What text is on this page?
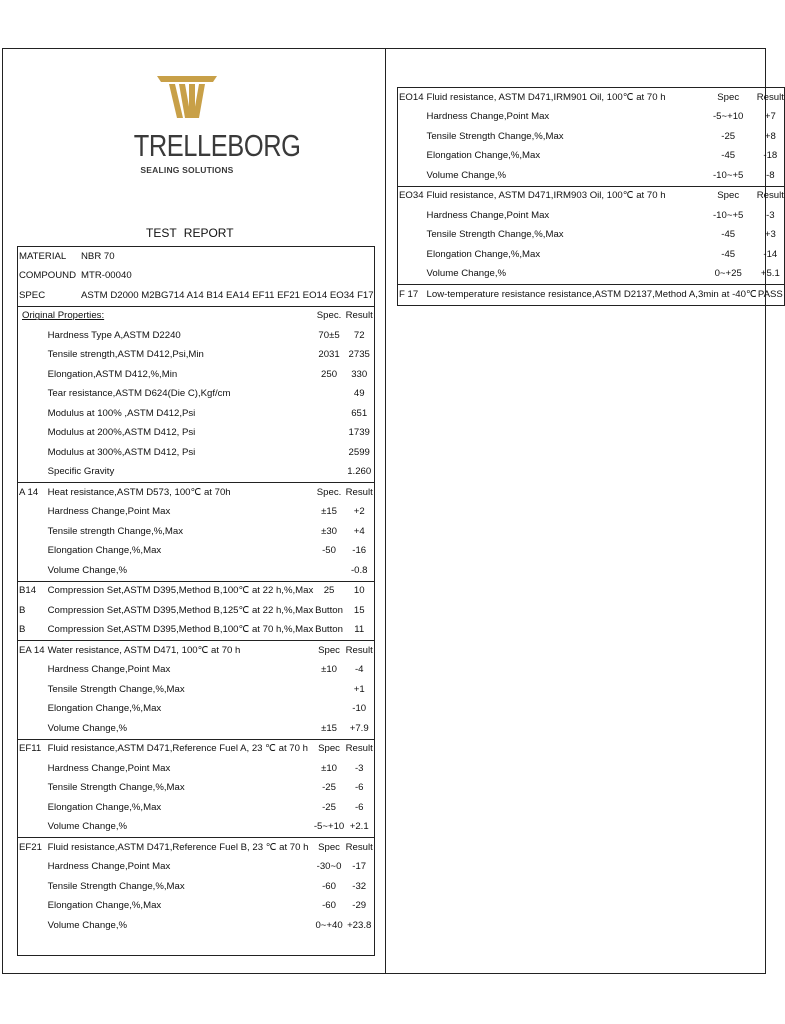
TRELLEBORG
SEALING SOLUTIONS
TEST REPORT
MATERIAL NBR 70			
COMPOUND MTR-00040			
SPEC ASTM D2000 M2BG714 A14 B14 EA14 EF11 EF21 EO14 EO34 F17			
Original Properties:		Spec.	Result
	Hardness Type A,ASTM D2240	70±5	72
	Tensile strength,ASTM D412,Psi,Min	2031	2735
	Elongation,ASTM D412,%,Min	250	330
	Tear resistance,ASTM D624(Die C),Kgf/cm		49
	Modulus at 100% ,ASTM D412,Psi		651
	Modulus at 200%,ASTM D412, Psi		1739
	Modulus at 300%,ASTM D412, Psi		2599
	Specific Gravity		1.260
A 14	Heat resistance,ASTM D573, 100℃ at 70h	Spec.	Result
	Hardness Change,Point Max	±15	+2
	Tensile strength Change,%,Max	±30	+4
	Elongation Change,%,Max	-50	-16
	Volume Change,%		-0.8
B14	Compression Set,ASTM D395,Method B,100℃ at 22 h,%,Max	25	10
B	Compression Set,ASTM D395,Method B,125℃ at 22 h,%,Max	Button	15
B	Compression Set,ASTM D395,Method B,100℃ at 70 h,%,Max	Button	11
EA 14	Water resistance, ASTM D471, 100℃ at 70 h	Spec	Result
	Hardness Change,Point Max	±10	-4
	Tensile Strength Change,%,Max		+1
	Elongation Change,%,Max		-10
	Volume Change,%	±15	+7.9
EF11	Fluid resistance,ASTM D471,Reference Fuel A, 23 ℃ at 70 h	Spec	Result
	Hardness Change,Point Max	±10	-3
	Tensile Strength Change,%,Max	-25	-6
	Elongation Change,%,Max	-25	-6
	Volume Change,%	-5~+10	+2.1
EF21	Fluid resistance,ASTM D471,Reference Fuel B, 23 ℃ at 70 h	Spec	Result
	Hardness Change,Point Max	-30~0	-17
	Tensile Strength Change,%,Max	-60	-32
	Elongation Change,%,Max	-60	-29
	Volume Change,%	0~+40	+23.8

EO14	Fluid resistance, ASTM D471,IRM901 Oil, 100℃ at 70 h	Spec	Result
	Hardness Change,Point Max	-5~+10	+7
	Tensile Strength Change,%,Max	-25	+8
	Elongation Change,%,Max	-45	-18
	Volume Change,%	-10~+5	-8
EO34	Fluid resistance, ASTM D471,IRM903 Oil, 100℃ at 70 h	Spec	Result
	Hardness Change,Point Max	-10~+5	-3
	Tensile Strength Change,%,Max	-45	+3
	Elongation Change,%,Max	-45	-14
	Volume Change,%	0~+25	+5.1
F 17	Low-temperature resistance resistance,ASTM D2137,Method A,3min at -40℃		PASS
